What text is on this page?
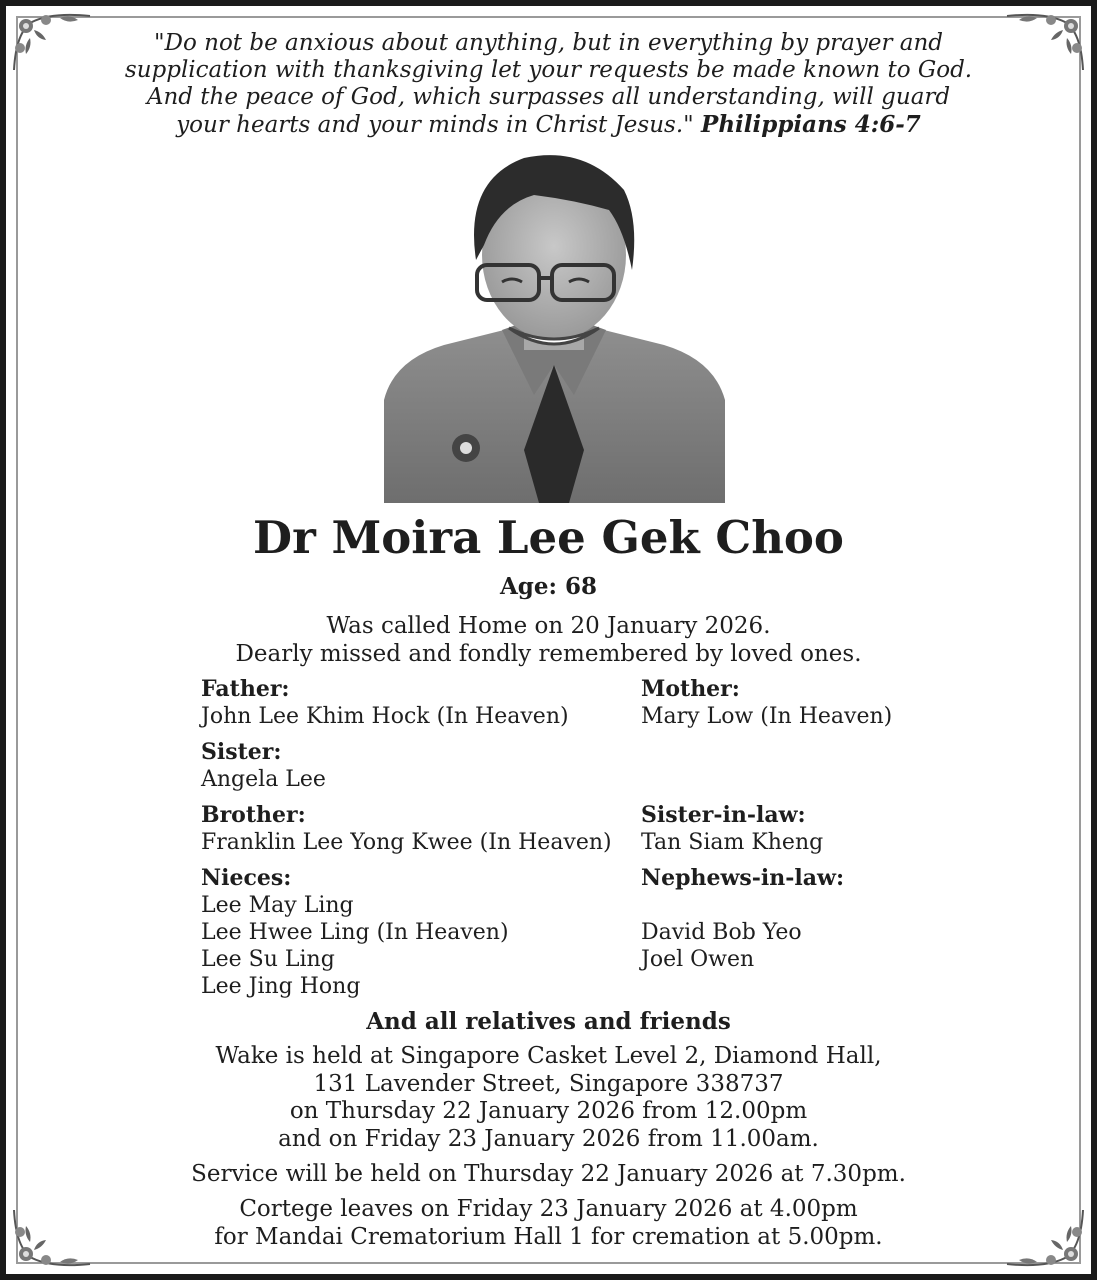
"Do not be anxious about anything, but in everything by prayer and
supplication with thanksgiving let your requests be made known to God.
And the peace of God, which surpasses all understanding, will guard
your hearts and your minds in Christ Jesus." Philippians 4:6-7
Dr Moira Lee Gek Choo
Age: 68
Was called Home on 20 January 2026.
Dearly missed and fondly remembered by loved ones.
Father:
John Lee Khim Hock (In Heaven)
Mother:
Mary Low (In Heaven)
Sister:
Angela Lee
Brother:
Franklin Lee Yong Kwee (In Heaven)
Sister-in-law:
Tan Siam Kheng
Nieces:
Lee May Ling
Lee Hwee Ling (In Heaven)
Lee Su Ling
Lee Jing Hong
Nephews-in-law:
David Bob Yeo
Joel Owen
And all relatives and friends
Wake is held at Singapore Casket Level 2, Diamond Hall,
131 Lavender Street, Singapore 338737
on Thursday 22 January 2026 from 12.00pm
and on Friday 23 January 2026 from 11.00am.
Service will be held on Thursday 22 January 2026 at 7.30pm.
Cortege leaves on Friday 23 January 2026 at 4.00pm
for Mandai Crematorium Hall 1 for cremation at 5.00pm.
